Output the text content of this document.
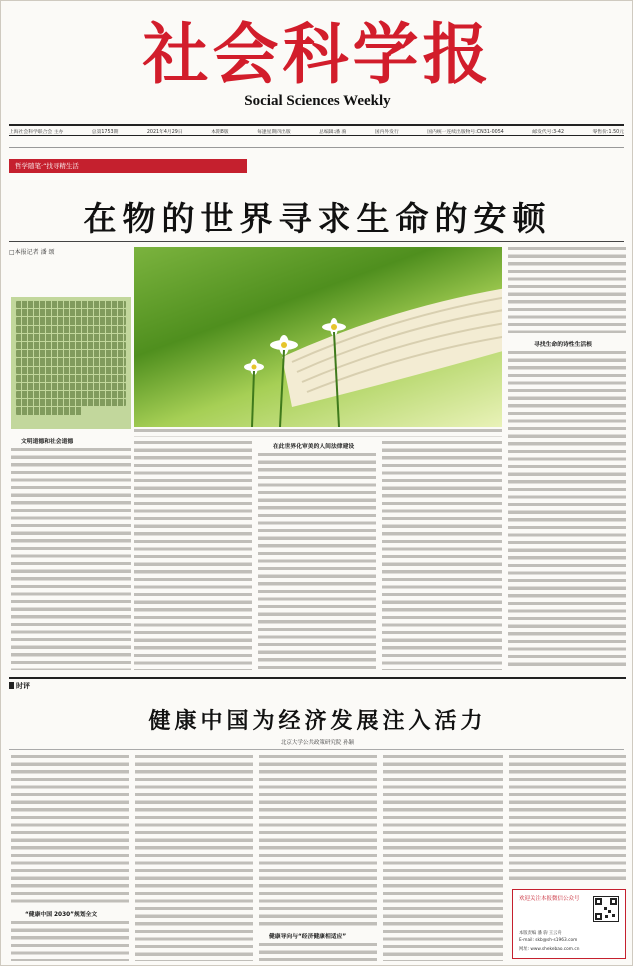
社会科学报
Social Sciences Weekly
上海社会科学联合会 主办	总第1753期	2021年4月29日	本期8版	每逢星期四出版	总编辑:潘 驹	国内外发行	国内统一连续出版物号:CN31-0054	邮发代号:3-42	零售价:1.50元
哲学随笔·“找寻精生活
在物的世界寻求生命的安顿
□本报记者 潘 颂
文明道德和社会道德
在此世界化审美的人间法律建设
寻找生命的诗性生活根
时评
健康中国为经济发展注入活力
北京大学公共政策研究院 孙颖
“健康中国 2030”规划全文
健康导向与“经济健康相适应”
欢迎关注本报微信公众号
本版责编 潘 驹 王云舟
E-mail: skb@sh-s1963.com
网址: www.shekebao.com.cn
